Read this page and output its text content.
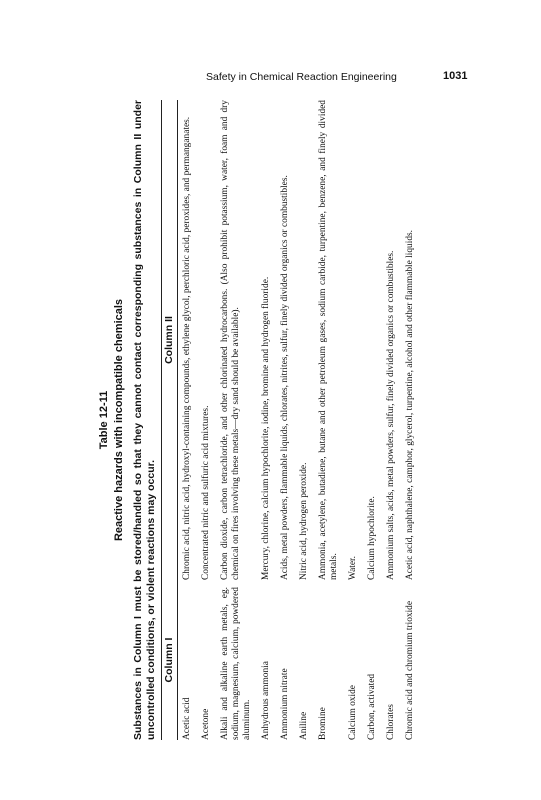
Safety in Chemical Reaction Engineering	1031
Table 12-11 Reactive hazards with incompatible chemicals Substances in Column I must be stored/handled so that they cannot contact corresponding substances in Column II under uncontrolled conditions, or violent reactions may occur. Column I
Column II
Acetic acid
Chromic acid, nitric acid, hydroxyl-containing compounds, ethylene glycol, perchloric acid, peroxides, and permanganates.
Acetone
Concentrated nitric and sulfuric acid mixtures.
Alkali and alkaline earth metals, eg. sodium, magnesium, calcium, powdered aluminum.
Carbon dioxide, carbon tetrachloride, and other chlorinated hydrocarbons. (Also prohibit potassium, water, foam and dry chemical on fires involving these metals—dry sand should be available).
Anhydrous ammonia
Mercury, chlorine, calcium hypochlorite, iodine, bromine and hydrogen fluoride.
Ammonium nitrate
Acids, metal powders, flammable liquids, chlorates, nitrites, sulfur, finely divided organics or combustibles.
Aniline
Nitric acid, hydrogen peroxide.
Bromine
Ammonia, acetylene, butadiene, butane and other petroleum gases, sodium carbide, turpentine, benzene, and finely divided metals.
Calcium oxide
Water.
Carbon, activated
Calcium hypochlorite.
Chlorates
Ammonium salts, acids, metal powders, sulfur, finely divided organics or combustibles.
Chromic acid and chromium trioxide
Acetic acid, naphthalene, camphor, glycerol, turpentine, alcohol and other flammable liquids.
